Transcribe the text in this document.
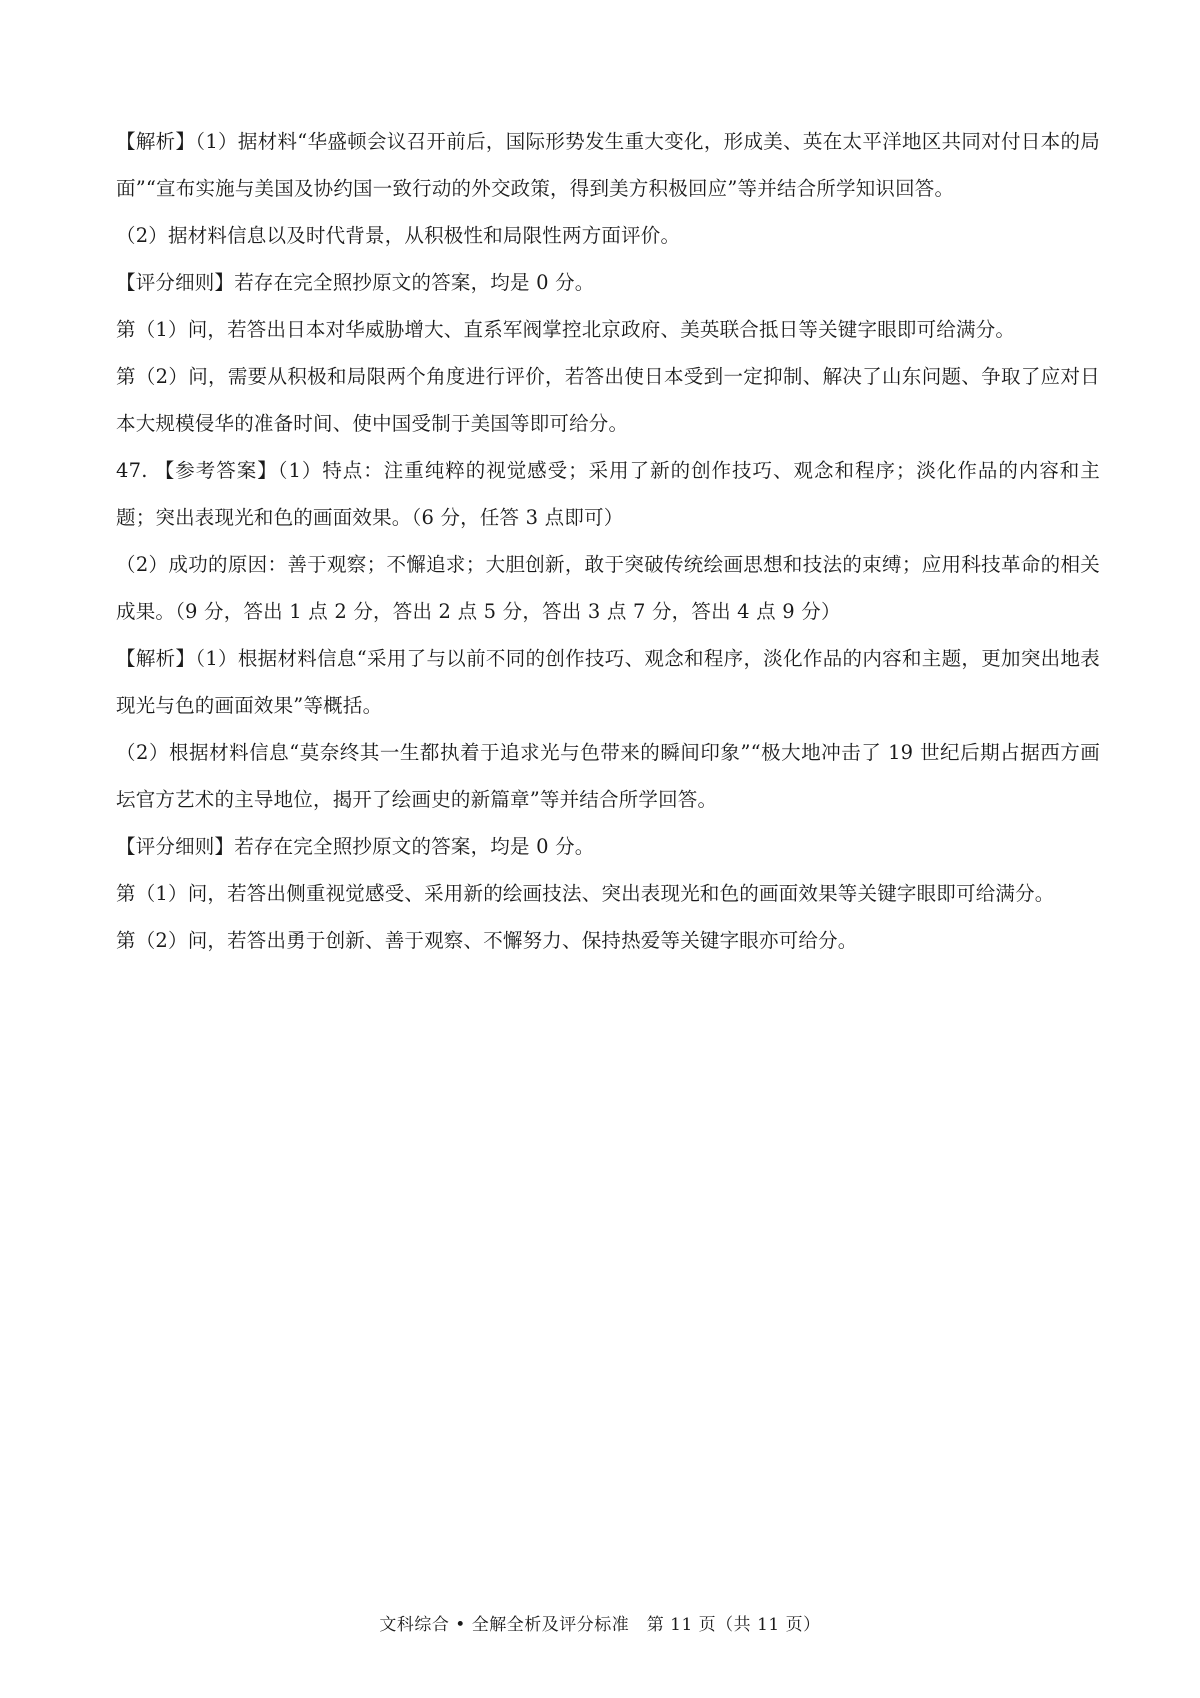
【解析】（1）据材料“华盛顿会议召开前后，国际形势发生重大变化，形成美、英在太平洋地区共同对付日本的局面”“宣布实施与美国及协约国一致行动的外交政策，得到美方积极回应”等并结合所学知识回答。

（2）据材料信息以及时代背景，从积极性和局限性两方面评价。

【评分细则】若存在完全照抄原文的答案，均是 0 分。

第（1）问，若答出日本对华威胁增大、直系军阀掌控北京政府、美英联合抵日等关键字眼即可给满分。

第（2）问，需要从积极和局限两个角度进行评价，若答出使日本受到一定抑制、解决了山东问题、争取了应对日本大规模侵华的准备时间、使中国受制于美国等即可给分。

47. 【参考答案】（1）特点：注重纯粹的视觉感受；采用了新的创作技巧、观念和程序；淡化作品的内容和主题；突出表现光和色的画面效果。（6 分，任答 3 点即可）

（2）成功的原因：善于观察；不懈追求；大胆创新，敢于突破传统绘画思想和技法的束缚；应用科技革命的相关成果。（9 分，答出 1 点 2 分，答出 2 点 5 分，答出 3 点 7 分，答出 4 点 9 分）

【解析】（1）根据材料信息“采用了与以前不同的创作技巧、观念和程序，淡化作品的内容和主题，更加突出地表现光与色的画面效果”等概括。

（2）根据材料信息“莫奈终其一生都执着于追求光与色带来的瞬间印象”“极大地冲击了 19 世纪后期占据西方画坛官方艺术的主导地位，揭开了绘画史的新篇章”等并结合所学回答。

【评分细则】若存在完全照抄原文的答案，均是 0 分。

第（1）问，若答出侧重视觉感受、采用新的绘画技法、突出表现光和色的画面效果等关键字眼即可给满分。

第（2）问，若答出勇于创新、善于观察、不懈努力、保持热爱等关键字眼亦可给分。

文科综合 • 全解全析及评分标准　第 11 页（共 11 页）
